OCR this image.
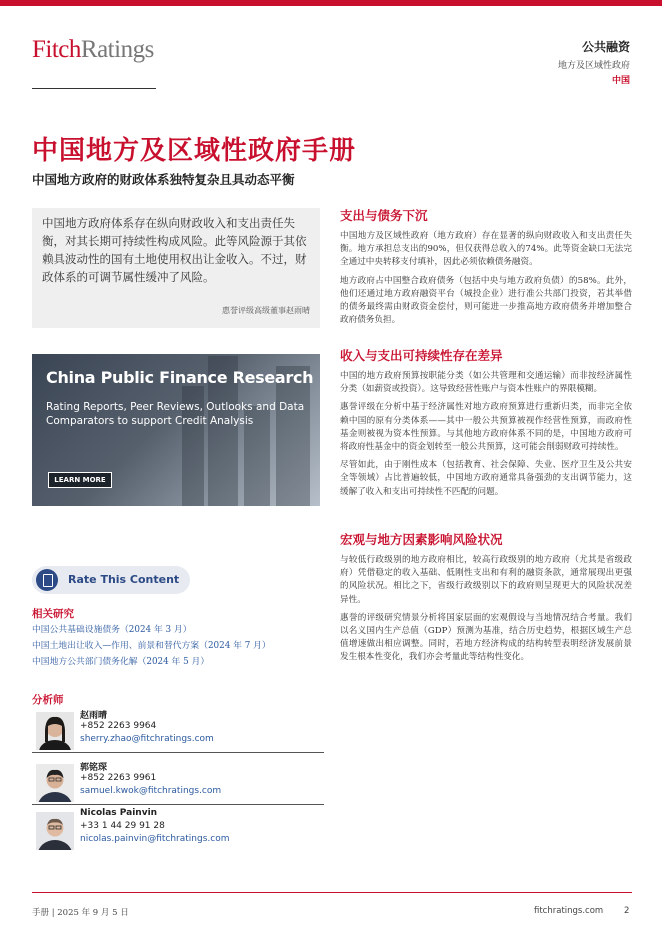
FitchRatings	公共融资
地方及区域性政府
中国
中国地方及区域性政府手册
中国地方政府的财政体系独特复杂且具动态平衡

中国地方政府体系存在纵向财政收入和支出责任失衡，对其长期可持续性构成风险。此等风险源于其依赖具波动性的国有土地使用权出让金收入。不过，财政体系的可调节属性缓冲了风险。

惠誉评级高级董事赵雨晴
China Public Finance Research
Rating Reports, Peer Reviews, Outlooks and Data Comparators to support Credit Analysis
LEARN MORE
Rate This Content
相关研究
中国公共基础设施债务（2024 年 3 月）
中国土地出让收入—作用、前景和替代方案（2024 年 7 月）
中国地方公共部门债务化解（2024 年 5 月）
分析师
赵雨晴
+852 2263 9964
sherry.zhao@fitchratings.com
郭铭琛
+852 2263 9961
samuel.kwok@fitchratings.com
Nicolas Painvin
+33 1 44 29 91 28
nicolas.painvin@fitchratings.com
支出与债务下沉

中国地方及区域性政府（地方政府）存在显著的纵向财政收入和支出责任失衡。地方承担总支出的90%，但仅获得总收入的74%。此等资金缺口无法完全通过中央转移支付填补，因此必须依赖债务融资。

地方政府占中国整合政府债务（包括中央与地方政府负债）的58%。此外，他们还通过地方政府融资平台（城投企业）进行准公共部门投资，若其举借的债务最终需由财政资金偿付，则可能进一步推高地方政府债务并增加整合政府债务负担。

收入与支出可持续性存在差异

中国的地方政府预算按职能分类（如公共管理和交通运输）而非按经济属性分类（如薪资或投资）。这导致经营性账户与资本性账户的界限模糊。

惠誉评级在分析中基于经济属性对地方政府预算进行重新归类，而非完全依赖中国的原有分类体系——其中一般公共预算被视作经营性预算，而政府性基金则被视为资本性预算。与其他地方政府体系不同的是，中国地方政府可将政府性基金中的资金划转至一般公共预算，这可能会削弱财政可持续性。

尽管如此，由于刚性成本（包括教育、社会保障、失业、医疗卫生及公共安全等领域）占比普遍较低，中国地方政府通常具备强劲的支出调节能力，这缓解了收入和支出可持续性不匹配的问题。

宏观与地方因素影响风险状况

与较低行政级别的地方政府相比，较高行政级别的地方政府（尤其是省级政府）凭借稳定的收入基础、低刚性支出和有利的融资条款，通常展现出更强的风险状况。相比之下，省级行政级别以下的政府则呈现更大的风险状况差异性。

惠誉的评级研究情景分析将国家层面的宏观假设与当地情况结合考量。我们以名义国内生产总值（GDP）预测为基准，结合历史趋势，根据区域生产总值增速做出相应调整。同时，若地方经济构成的结构转型表明经济发展前景发生根本性变化，我们亦会考量此等结构性变化。

手册 | 2025 年 9 月 5 日	fitchratings.com 2
